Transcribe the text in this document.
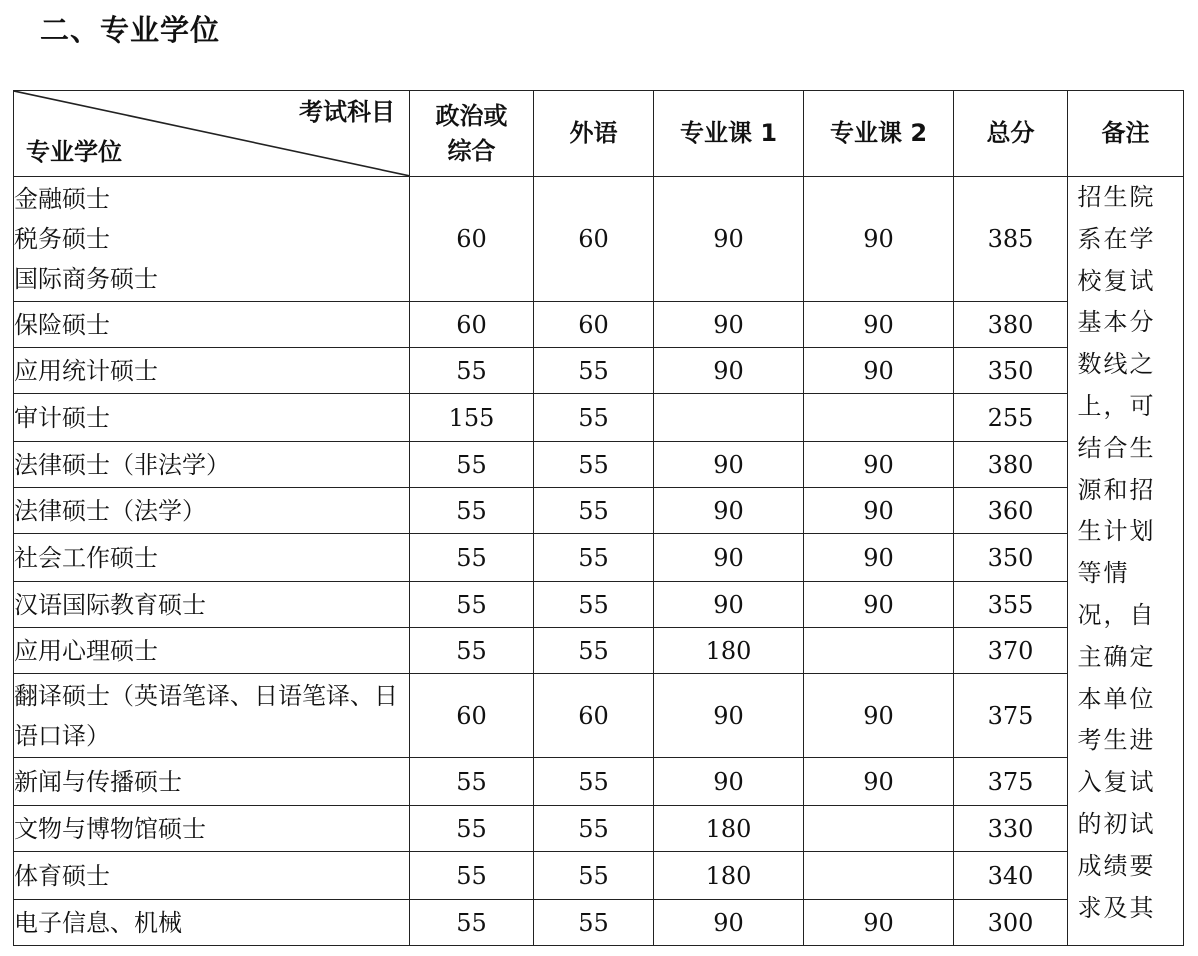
二、专业学位
考试科目
专业学位	政治或综合	外语	专业课 1	专业课 2	总分	备注
金融硕士
税务硕士
国际商务硕士	60	60	90	90	385	招生院系在学校复试基本分数线之上，可结合生源和招生计划等情况，自主确定本单位考生进入复试的初试成绩要求及其

保险硕士	60	60	90	90	380	
应用统计硕士	55	55	90	90	350	
审计硕士	155	55			255	
法律硕士（非法学）	55	55	90	90	380	
法律硕士（法学）	55	55	90	90	360	
社会工作硕士	55	55	90	90	350	
汉语国际教育硕士	55	55	90	90	355	
应用心理硕士	55	55	180		370	
翻译硕士（英语笔译、日语笔译、日语口译）	60	60	90	90	375	
新闻与传播硕士	55	55	90	90	375	
文物与博物馆硕士	55	55	180		330	
体育硕士	55	55	180		340	
电子信息、机械	55	55	90	90	300	
